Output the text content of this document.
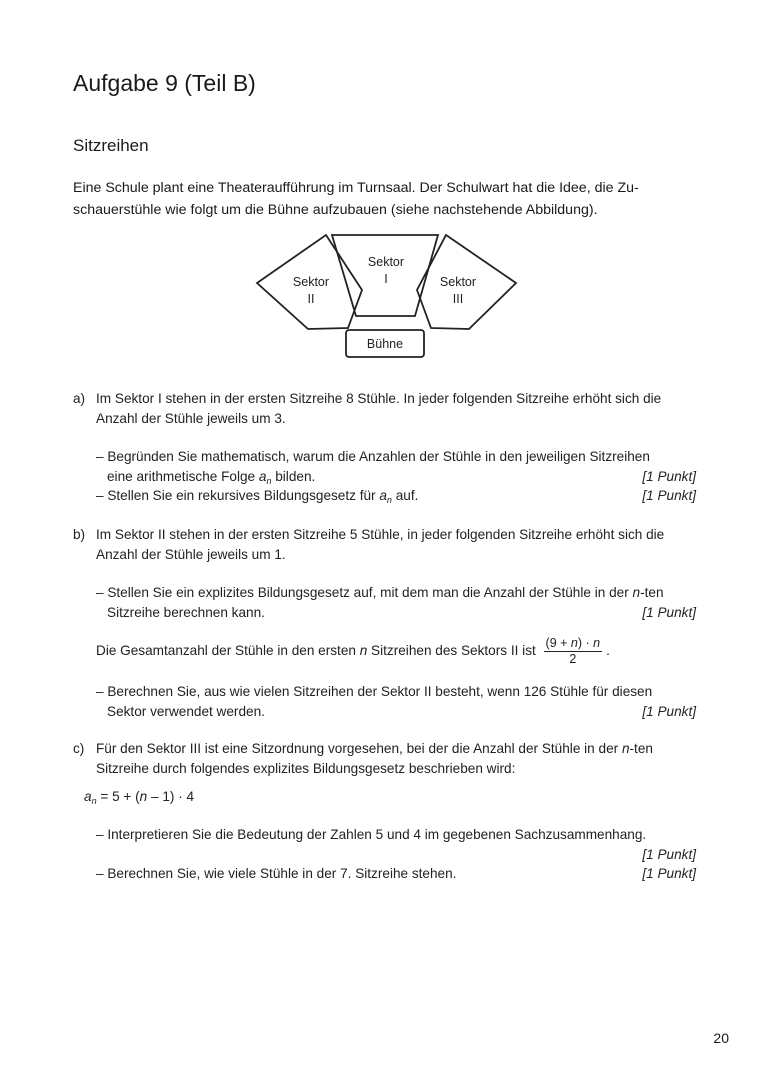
Aufgabe 9 (Teil B)
Sitzreihen
Eine Schule plant eine Theateraufführung im Turnsaal. Der Schulwart hat die Idee, die Zu-
schauerstühle wie folgt um die Bühne aufzubauen (siehe nachstehende Abbildung).
Sektor
I
Sektor
II
Sektor
III
Bühne
a) Im Sektor I stehen in der ersten Sitzreihe 8 Stühle. In jeder folgenden Sitzreihe erhöht sich die
Anzahl der Stühle jeweils um 3.
– Begründen Sie mathematisch, warum die Anzahlen der Stühle in den jeweiligen Sitzreihen
eine arithmetische Folge $a_n$ bilden.	[1 Punkt]
– Stellen Sie ein rekursives Bildungsgesetz für $a_n$ auf.	[1 Punkt]
b) Im Sektor II stehen in der ersten Sitzreihe 5 Stühle, in jeder folgenden Sitzreihe erhöht sich die
Anzahl der Stühle jeweils um 1.
– Stellen Sie ein explizites Bildungsgesetz auf, mit dem man die Anzahl der Stühle in der n-ten
Sitzreihe berechnen kann.	[1 Punkt]
Die Gesamtanzahl der Stühle in den ersten n Sitzreihen des Sektors II ist $\frac{(9 + n) \cdot n}{2}$ .
– Berechnen Sie, aus wie vielen Sitzreihen der Sektor II besteht, wenn 126 Stühle für diesen
Sektor verwendet werden.	[1 Punkt]
c) Für den Sektor III ist eine Sitzordnung vorgesehen, bei der die Anzahl der Stühle in der n-ten
Sitzreihe durch folgendes explizites Bildungsgesetz beschrieben wird:
$a_n = 5 + (n - 1) \cdot 4$
– Interpretieren Sie die Bedeutung der Zahlen 5 und 4 im gegebenen Sachzusammenhang.
[1 Punkt]
– Berechnen Sie, wie viele Stühle in der 7. Sitzreihe stehen.	[1 Punkt]
20
